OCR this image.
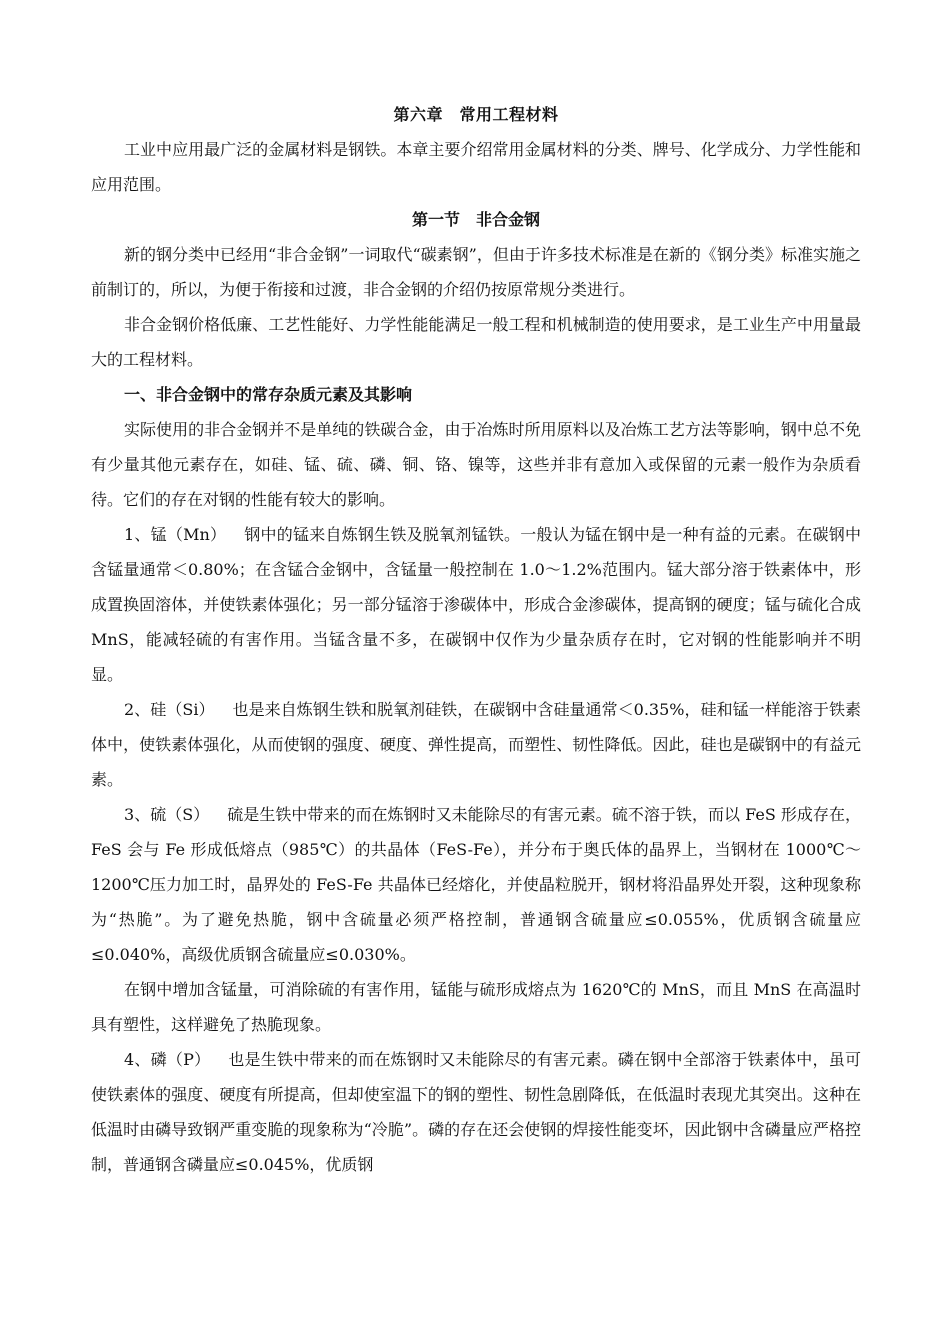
第六章　常用工程材料

工业中应用最广泛的金属材料是钢铁。本章主要介绍常用金属材料的分类、牌号、化学成分、力学性能和应用范围。

第一节　非合金钢

新的钢分类中已经用“非合金钢”一词取代“碳素钢”，但由于许多技术标准是在新的《钢分类》标准实施之前制订的，所以，为便于衔接和过渡，非合金钢的介绍仍按原常规分类进行。

非合金钢价格低廉、工艺性能好、力学性能能满足一般工程和机械制造的使用要求，是工业生产中用量最大的工程材料。

一、非合金钢中的常存杂质元素及其影响

实际使用的非合金钢并不是单纯的铁碳合金，由于冶炼时所用原料以及冶炼工艺方法等影响，钢中总不免有少量其他元素存在，如硅、锰、硫、磷、铜、铬、镍等，这些并非有意加入或保留的元素一般作为杂质看待。它们的存在对钢的性能有较大的影响。

1、锰（Mn） 钢中的锰来自炼钢生铁及脱氧剂锰铁。一般认为锰在钢中是一种有益的元素。在碳钢中含锰量通常＜0.80%；在含锰合金钢中，含锰量一般控制在 1.0～1.2%范围内。锰大部分溶于铁素体中，形成置换固溶体，并使铁素体强化；另一部分锰溶于渗碳体中，形成合金渗碳体，提高钢的硬度；锰与硫化合成 MnS，能减轻硫的有害作用。当锰含量不多，在碳钢中仅作为少量杂质存在时，它对钢的性能影响并不明显。

2、硅（Si） 也是来自炼钢生铁和脱氧剂硅铁，在碳钢中含硅量通常＜0.35%，硅和锰一样能溶于铁素体中，使铁素体强化，从而使钢的强度、硬度、弹性提高，而塑性、韧性降低。因此，硅也是碳钢中的有益元素。

3、硫（S） 硫是生铁中带来的而在炼钢时又未能除尽的有害元素。硫不溶于铁，而以 FeS 形成存在，FeS 会与 Fe 形成低熔点（985℃）的共晶体（FeS-Fe），并分布于奥氏体的晶界上，当钢材在 1000℃～1200℃压力加工时，晶界处的 FeS-Fe 共晶体已经熔化，并使晶粒脱开，钢材将沿晶界处开裂，这种现象称为“热脆”。为了避免热脆，钢中含硫量必须严格控制，普通钢含硫量应≤0.055%，优质钢含硫量应≤0.040%，高级优质钢含硫量应≤0.030%。

在钢中增加含锰量，可消除硫的有害作用，锰能与硫形成熔点为 1620℃的 MnS，而且 MnS 在高温时具有塑性，这样避免了热脆现象。

4、磷（P） 也是生铁中带来的而在炼钢时又未能除尽的有害元素。磷在钢中全部溶于铁素体中，虽可使铁素体的强度、硬度有所提高，但却使室温下的钢的塑性、韧性急剧降低，在低温时表现尤其突出。这种在低温时由磷导致钢严重变脆的现象称为“冷脆”。磷的存在还会使钢的焊接性能变坏，因此钢中含磷量应严格控制，普通钢含磷量应≤0.045%，优质钢
